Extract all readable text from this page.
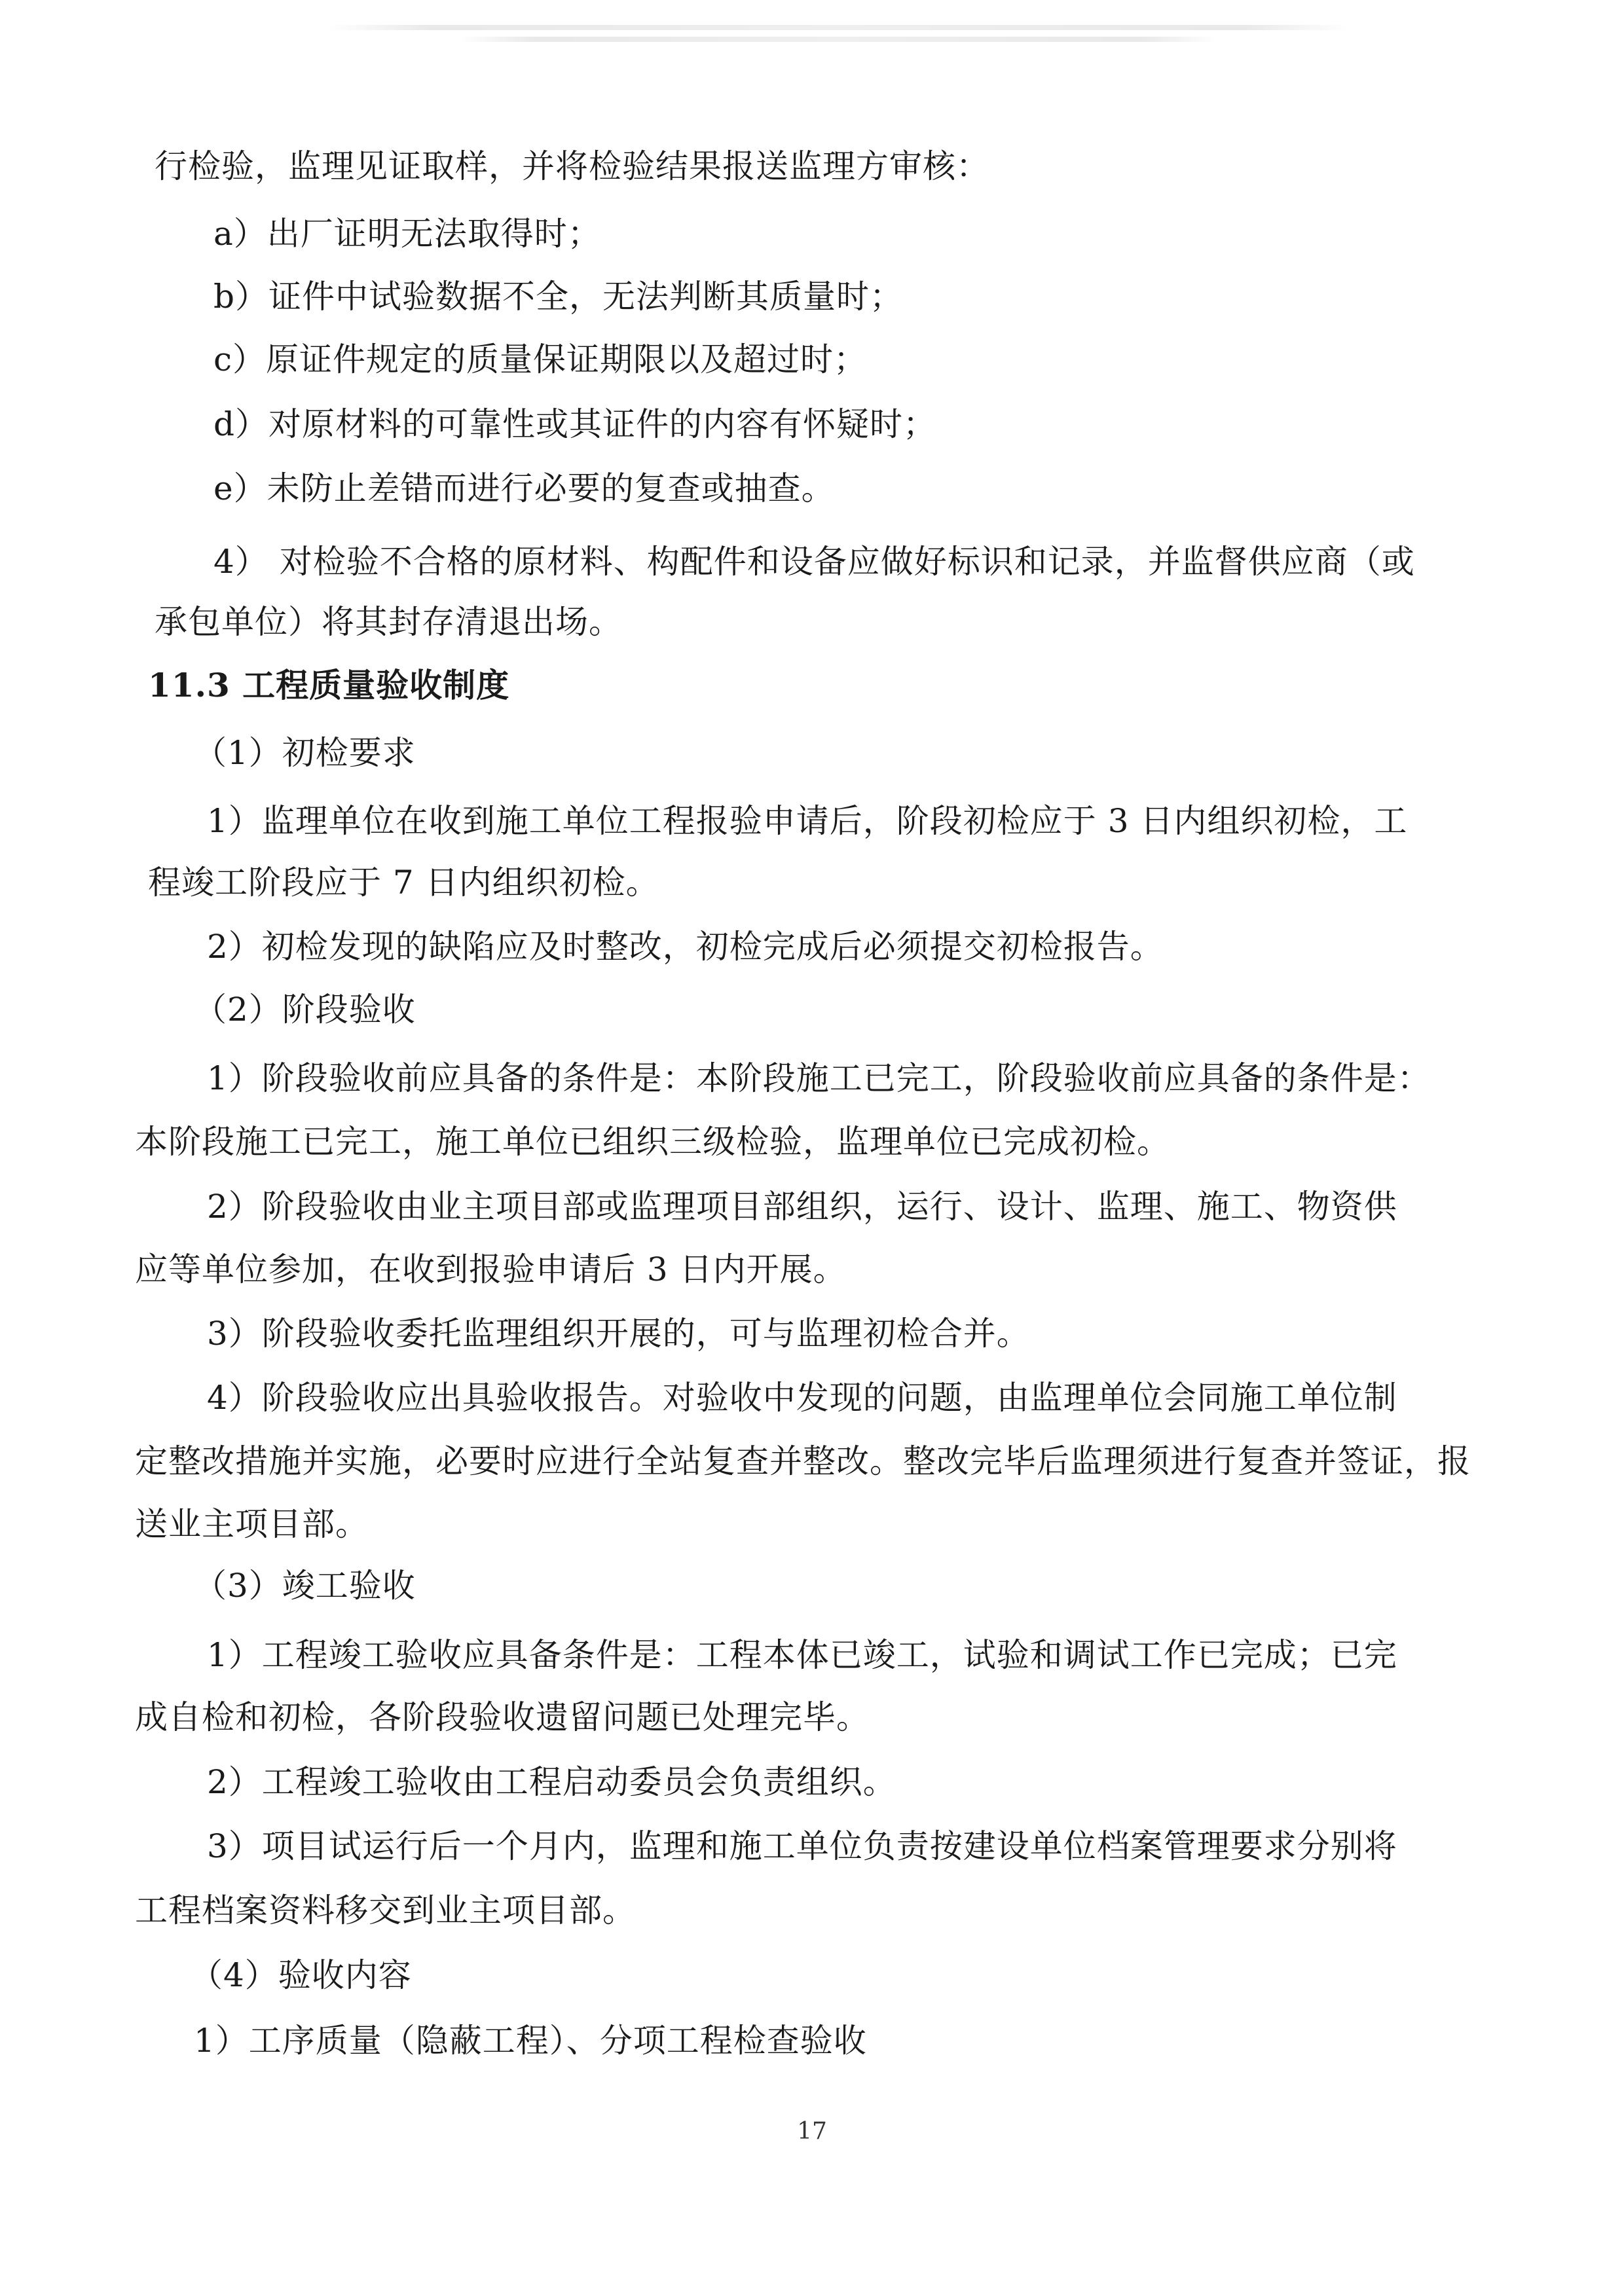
行检验，监理见证取样，并将检验结果报送监理方审核：
a）出厂证明无法取得时；
b）证件中试验数据不全，无法判断其质量时；
c）原证件规定的质量保证期限以及超过时；
d）对原材料的可靠性或其证件的内容有怀疑时；
e）未防止差错而进行必要的复查或抽查。
4） 对检验不合格的原材料、构配件和设备应做好标识和记录，并监督供应商（或
承包单位）将其封存清退出场。
11.3 工程质量验收制度
（1）初检要求
1）监理单位在收到施工单位工程报验申请后，阶段初检应于 3 日内组织初检，工
程竣工阶段应于 7 日内组织初检。
2）初检发现的缺陷应及时整改，初检完成后必须提交初检报告。
（2）阶段验收
1）阶段验收前应具备的条件是：本阶段施工已完工，阶段验收前应具备的条件是：
本阶段施工已完工，施工单位已组织三级检验，监理单位已完成初检。
2）阶段验收由业主项目部或监理项目部组织，运行、设计、监理、施工、物资供
应等单位参加，在收到报验申请后 3 日内开展。
3）阶段验收委托监理组织开展的，可与监理初检合并。
4）阶段验收应出具验收报告。对验收中发现的问题，由监理单位会同施工单位制
定整改措施并实施，必要时应进行全站复查并整改。整改完毕后监理须进行复查并签证，报
送业主项目部。
（3）竣工验收
1）工程竣工验收应具备条件是：工程本体已竣工，试验和调试工作已完成；已完
成自检和初检，各阶段验收遗留问题已处理完毕。
2）工程竣工验收由工程启动委员会负责组织。
3）项目试运行后一个月内，监理和施工单位负责按建设单位档案管理要求分别将
工程档案资料移交到业主项目部。
（4）验收内容
1）工序质量（隐蔽工程）、分项工程检查验收
17
